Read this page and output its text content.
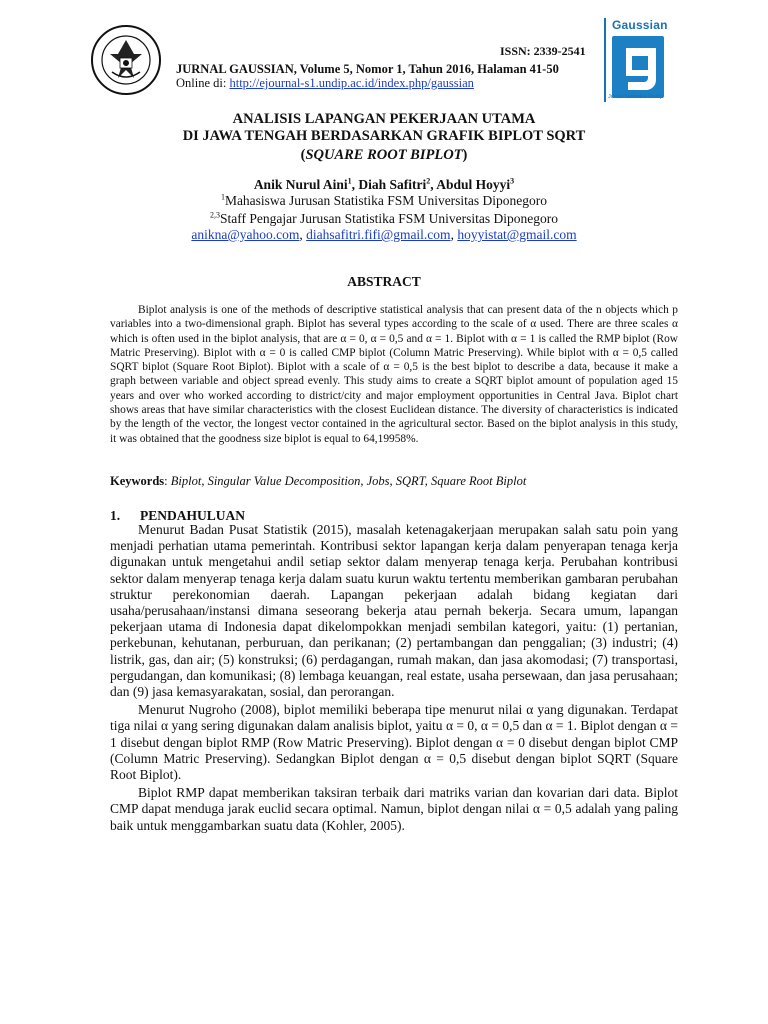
ISSN: 2339-2541
JURNAL GAUSSIAN, Volume 5, Nomor 1, Tahun 2016, Halaman 41-50
Online di: http://ejournal-s1.undip.ac.id/index.php/gaussian
Gaussian
Jurnal Statistika Undip
ANALISIS LAPANGAN PEKERJAAN UTAMA
DI JAWA TENGAH BERDASARKAN GRAFIK BIPLOT SQRT
(SQUARE ROOT BIPLOT)
Anik Nurul Aini$^1$, Diah Safitri$^2$, Abdul Hoyyi$^3$
$^1$Mahasiswa Jurusan Statistika FSM Universitas Diponegoro
$^{2,3}$Staff Pengajar Jurusan Statistika FSM Universitas Diponegoro
anikna@yahoo.com, diahsafitri.fifi@gmail.com, hoyyistat@gmail.com
ABSTRACT

Biplot analysis is one of the methods of descriptive statistical analysis that can present data of the n objects which p variables into a two-dimensional graph. Biplot has several types according to the scale of α used. There are three scales α which is often used in the biplot analysis, that are α = 0, α = 0,5 and α = 1. Biplot with α = 1 is called the RMP biplot (Row Matric Preserving). Biplot with α = 0 is called CMP biplot (Column Matric Preserving). While biplot with α = 0,5 called SQRT biplot (Square Root Biplot). Biplot with a scale of α = 0,5 is the best biplot to describe a data, because it make a graph between variable and object spread evenly. This study aims to create a SQRT biplot amount of population aged 15 years and over who worked according to district/city and major employment opportunities in Central Java. Biplot chart shows areas that have similar characteristics with the closest Euclidean distance. The diversity of characteristics is indicated by the length of the vector, the longest vector contained in the agricultural sector. Based on the biplot analysis in this study, it was obtained that the goodness size biplot is equal to 64,19958%.

Keywords: Biplot, Singular Value Decomposition, Jobs, SQRT, Square Root Biplot
1. PENDAHULUAN

Menurut Badan Pusat Statistik (2015), masalah ketenagakerjaan merupakan salah satu poin yang menjadi perhatian utama pemerintah. Kontribusi sektor lapangan kerja dalam penyerapan tenaga kerja digunakan untuk mengetahui andil setiap sektor dalam menyerap tenaga kerja. Perubahan kontribusi sektor dalam menyerap tenaga kerja dalam suatu kurun waktu tertentu memberikan gambaran perubahan struktur perekonomian daerah. Lapangan pekerjaan adalah bidang kegiatan dari usaha/perusahaan/instansi dimana seseorang bekerja atau pernah bekerja. Secara umum, lapangan pekerjaan utama di Indonesia dapat dikelompokkan menjadi sembilan kategori, yaitu: (1) pertanian, perkebunan, kehutanan, perburuan, dan perikanan; (2) pertambangan dan penggalian; (3) industri; (4) listrik, gas, dan air; (5) konstruksi; (6) perdagangan, rumah makan, dan jasa akomodasi; (7) transportasi, pergudangan, dan komunikasi; (8) lembaga keuangan, real estate, usaha persewaan, dan jasa perusahaan; dan (9) jasa kemasyarakatan, sosial, dan perorangan.

Menurut Nugroho (2008), biplot memiliki beberapa tipe menurut nilai α yang digunakan. Terdapat tiga nilai α yang sering digunakan dalam analisis biplot, yaitu α = 0, α = 0,5 dan α = 1. Biplot dengan α = 1 disebut dengan biplot RMP (Row Matric Preserving). Biplot dengan α = 0 disebut dengan biplot CMP (Column Matric Preserving). Sedangkan Biplot dengan α = 0,5 disebut dengan biplot SQRT (Square Root Biplot).

Biplot RMP dapat memberikan taksiran terbaik dari matriks varian dan kovarian dari data. Biplot CMP dapat menduga jarak euclid secara optimal. Namun, biplot dengan nilai α = 0,5 adalah yang paling baik untuk menggambarkan suatu data (Kohler, 2005).
